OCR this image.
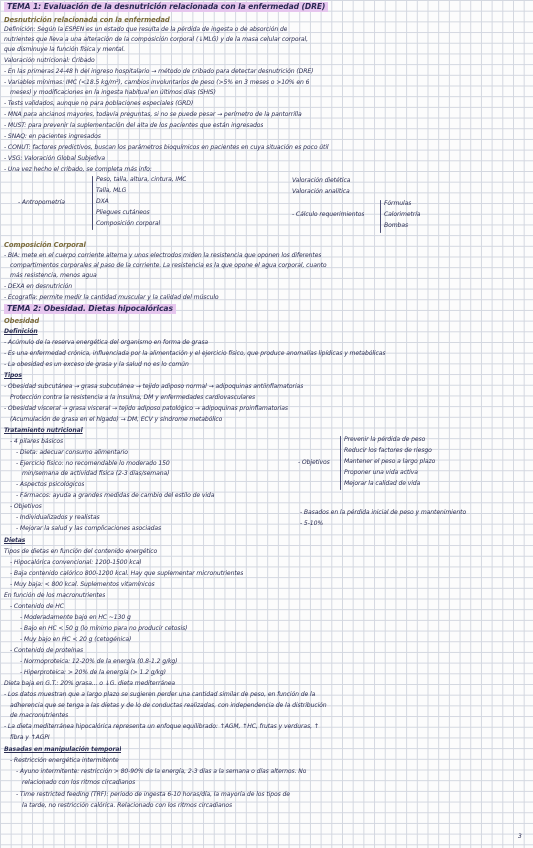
TEMA 1: Evaluación de la desnutrición relacionada con la enfermedad (DRE)
Desnutrición relacionada con la enfermedad
Definición: Según la ESPEN es un estado que resulta de la pérdida de ingesta o de absorción de
nutrientes que lleva a una alteración de la composición corporal (↓MLG) y de la masa celular corporal,
que disminuye la función física y mental.
Valoración nutricional: Cribado
- En las primeras 24-48 h del ingreso hospitalario → método de cribado para detectar desnutrición (DRE)
- Variables mínimas: IMC (<18.5 kg/m²), cambios involuntarios de peso (>5% en 3 meses o >10% en 6
meses) y modificaciones en la ingesta habitual en últimos días (SHIS)
- Tests validados, aunque no para poblaciones especiales (GRD)
- MNA para ancianos mayores, todavía preguntas, si no se puede pesar → perímetro de la pantorrilla
- MUST: para prevenir la suplementación del alta de los pacientes que están ingresados
- SNAQ: en pacientes ingresados
- CONUT: factores predictivos, buscan los parámetros bioquímicos en pacientes en cuya situación es poco útil
- VSG: Valoración Global Subjetiva
- Una vez hecho el cribado, se completa más info:
Peso, talla, altura, cintura, IMC
Talla, MLG
DXA
Pliegues cutáneos
Composición corporal
- Antropometría
Valoración dietética
Valoración analítica
- Cálculo requerimientos
Fórmulas
Calorimetría
Bombas
Composición Corporal
- BIA: mete en el cuerpo corriente alterna y unos electrodos miden la resistencia que oponen los diferentes
compartimentos corporales al paso de la corriente. La resistencia es la que opone el agua corporal, cuanto
más resistencia, menos agua
- DEXA en desnutrición
- Ecografía: permite medir la cantidad muscular y la calidad del músculo
TEMA 2: Obesidad. Dietas hipocalóricas
Obesidad
Definición
- Acúmulo de la reserva energética del organismo en forma de grasa
- Es una enfermedad crónica, influenciada por la alimentación y el ejercicio físico, que produce anomalías lipídicas y metabólicas
- La obesidad es un exceso de grasa y la salud no es lo común
Tipos
- Obesidad subcutánea → grasa subcutánea → tejido adiposo normal → adipoquinas antiinflamatorias
Protección contra la resistencia a la insulina, DM y enfermedades cardiovasculares
- Obesidad visceral → grasa visceral → tejido adiposo patológico → adipoquinas proinflamatorias
(Acumulación de grasa en el hígado) → DM, ECV y síndrome metabólico
Tratamiento nutricional
- 4 pilares básicos
- Dieta: adecuar consumo alimentario
- Ejercicio físico: no recomendable lo moderado 150
min/semana de actividad física (2-3 días/semana)
- Aspectos psicológicos
- Fármacos: ayuda a grandes medidas de cambio del estilo de vida
- Objetivos
- Individualizados y realistas
- Mejorar la salud y las complicaciones asociadas
- Objetivos
Prevenir la pérdida de peso
Reducir los factores de riesgo
Mantener el peso a largo plazo
Proponer una vida activa
Mejorar la calidad de vida
- Basados en la pérdida inicial de peso y mantenimiento
- 5-10%
Dietas
Tipos de dietas en función del contenido energético
- Hipocalórica convencional: 1200-1500 kcal
- Baja contenido calórico 800-1200 kcal. Hay que suplementar micronutrientes
- Muy baja: < 800 kcal. Suplementos vitamínicos
En función de los macronutrientes
- Contenido de HC
- Moderadamente bajo en HC ~130 g
- Bajo en HC < 50 g (lo mínimo para no producir cetosis)
- Muy bajo en HC < 20 g (cetogénica)
- Contenido de proteínas
- Normoproteica: 12-20% de la energía (0.8-1.2 g/kg)
- Hiperproteica: > 20% de la energía (> 1.2 g/kg)
Dieta baja en G.T.: 20% grasa... o ↓G. dieta mediterránea
- Los datos muestran que a largo plazo se sugieren perder una cantidad similar de peso, en función de la
adherencia que se tenga a las dietas y de lo de conductas realizadas, con independencia de la distribución
de macronutrientes
- La dieta mediterránea hipocalórica representa un enfoque equilibrado: ↑AGM, ↑HC, frutas y verduras, ↑
fibra y ↑AGPI
Basadas en manipulación temporal
- Restricción energética intermitente
- Ayuno intermitente: restricción > 80-90% de la energía, 2-3 días a la semana o días alternos. No
relacionado con los ritmos circadianos
- Time restricted feeding (TRF): periodo de ingesta 6-10 horas/día, la mayoría de los tipos de
la tarde, no restricción calórica. Relacionado con los ritmos circadianos
3
